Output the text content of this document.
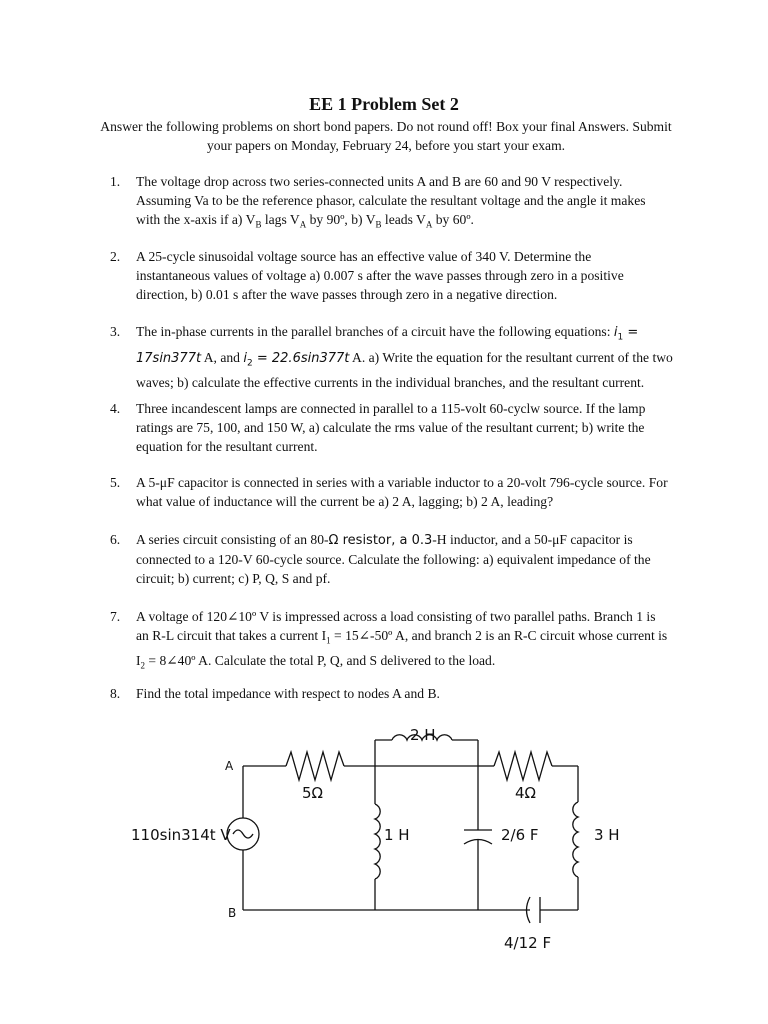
EE 1 Problem Set 2
Answer the following problems on short bond papers. Do not round off! Box your final Answers. Submit
your papers on Monday, February 24, before you start your exam.
1. The voltage drop across two series-connected units A and B are 60 and 90 V respectively.
Assuming Va to be the reference phasor, calculate the resultant voltage and the angle it makes
with the x-axis if a) $V_B$ lags $V_A$ by 90º, b) $V_B$ leads $V_A$ by 60º.
2. A 25-cycle sinusoidal voltage source has an effective value of 340 V. Determine the
instantaneous values of voltage a) 0.007 s after the wave passes through zero in a positive
direction, b) 0.01 s after the wave passes through zero in a negative direction.
3. The in-phase currents in the parallel branches of a circuit have the following equations: $i_1$ =
17sin377t A, and $i_2 = 22.6\sin 377t$ A. a) Write the equation for the resultant current of the two
waves; b) calculate the effective currents in the individual branches, and the resultant current.
4. Three incandescent lamps are connected in parallel to a 115-volt 60-cyclw source. If the lamp
ratings are 75, 100, and 150 W, a) calculate the rms value of the resultant current; b) write the
equation for the resultant current.
5. A 5-μF capacitor is connected in series with a variable inductor to a 20-volt 796-cycle source. For
what value of inductance will the current be a) 2 A, lagging; b) 2 A, leading?
6. A series circuit consisting of an 80-Ω resistor, a 0.3-H inductor, and a 50-μF capacitor is
connected to a 120-V 60-cycle source. Calculate the following: a) equivalent impedance of the
circuit; b) current; c) P, Q, S and pf.
7. A voltage of 120∠10º V is impressed across a load consisting of two parallel paths. Branch 1 is
an R-L circuit that takes a current $I_1$ = 15∠-50º A, and branch 2 is an R-C circuit whose current is
$I_2$ = 8∠40º A. Calculate the total P, Q, and S delivered to the load.
8. Find the total impedance with respect to nodes A and B.
A
B
110sin314t V
5Ω
2 H
4Ω
1 H	2/6 F	3 H
4/12 F
